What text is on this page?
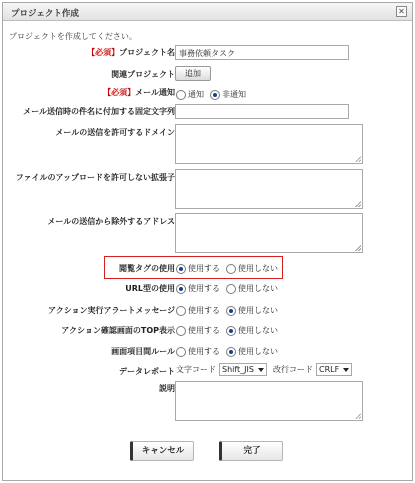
プロジェクト作成	✕
プロジェクトを作成してください。
【必須】プロジェクト名 事務依頼タスク
関連プロジェクト	追加
【必須】メール通知 通知 非通知
メール送信時の件名に付加する固定文字列
メールの送信を許可するドメイン
ファイルのアップロードを許可しない拡張子
メールの送信から除外するアドレス
閲覧タグの使用 使用する 使用しない
URL型の使用 使用する 使用しない
アクション実行アラートメッセージ 使用する 使用しない
アクション確認画面のTOP表示 使用する 使用しない
画面項目間ルール 使用する 使用しない
データレポート 文字コード Shift_JIS 改行コード CRLF
説明
キャンセル	完了
